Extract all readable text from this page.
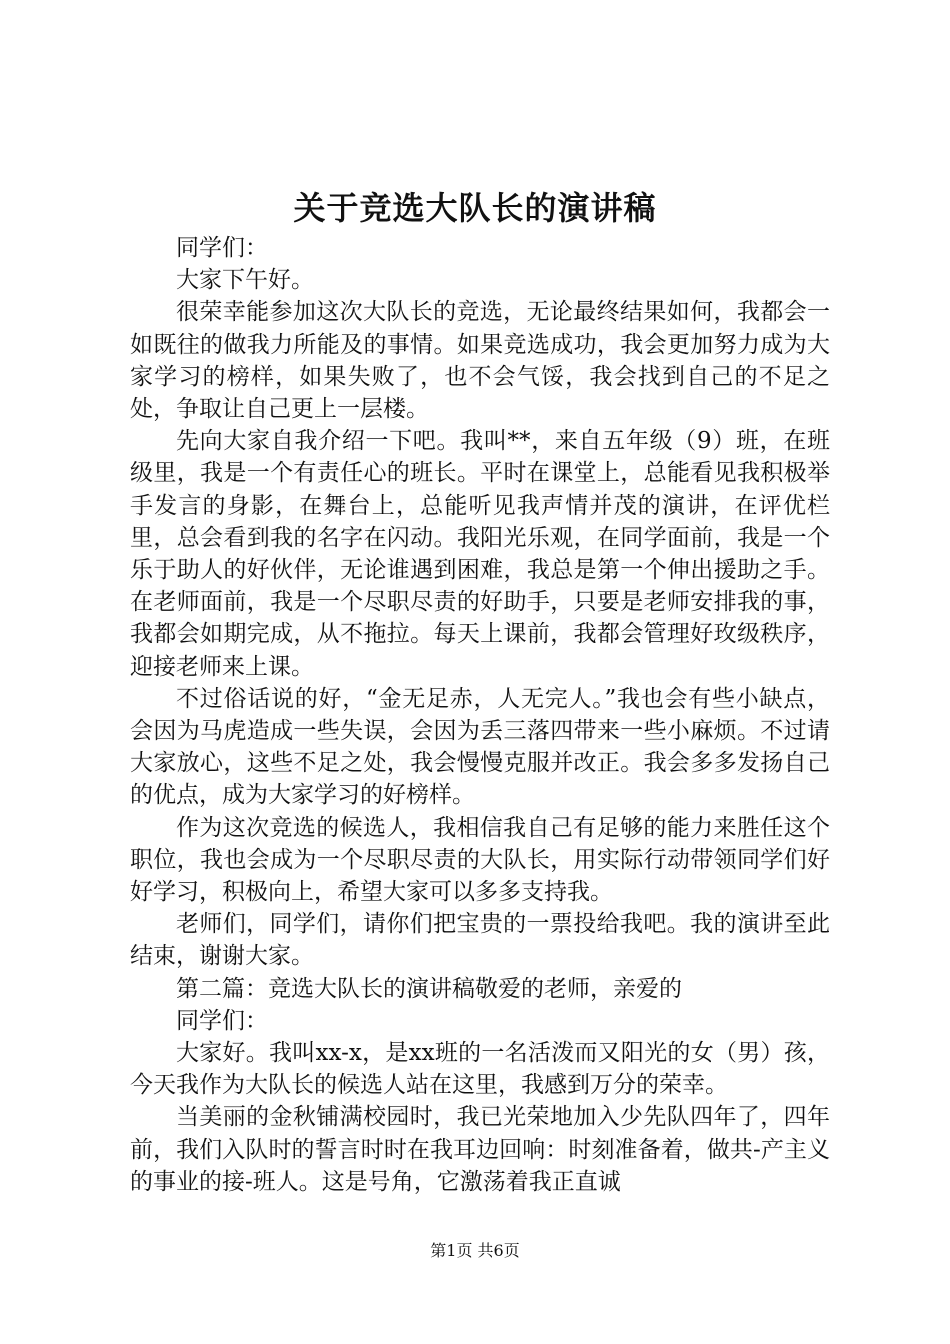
关于竞选大队长的演讲稿

同学们：

大家下午好。

很荣幸能参加这次大队长的竞选，无论最终结果如何，我都会一如既往的做我力所能及的事情。如果竞选成功，我会更加努力成为大家学习的榜样，如果失败了，也不会气馁，我会找到自己的不足之处，争取让自己更上一层楼。

先向大家自我介绍一下吧。我叫**，来自五年级（9）班，在班级里，我是一个有责任心的班长。平时在课堂上，总能看见我积极举手发言的身影，在舞台上，总能听见我声情并茂的演讲，在评优栏里，总会看到我的名字在闪动。我阳光乐观，在同学面前，我是一个乐于助人的好伙伴，无论谁遇到困难，我总是第一个伸出援助之手。在老师面前，我是一个尽职尽责的好助手，只要是老师安排我的事，我都会如期完成，从不拖拉。每天上课前，我都会管理好玫级秩序，迎接老师来上课。

不过俗话说的好，“金无足赤，人无完人。”我也会有些小缺点，会因为马虎造成一些失误，会因为丢三落四带来一些小麻烦。不过请大家放心，这些不足之处，我会慢慢克服并改正。我会多多发扬自己的优点，成为大家学习的好榜样。

作为这次竞选的候选人，我相信我自己有足够的能力来胜任这个职位，我也会成为一个尽职尽责的大队长，用实际行动带领同学们好好学习，积极向上，希望大家可以多多支持我。

老师们，同学们，请你们把宝贵的一票投给我吧。我的演讲至此结束，谢谢大家。

第二篇：竞选大队长的演讲稿敬爱的老师，亲爱的

同学们：

大家好。我叫xx-x，是xx班的一名活泼而又阳光的女（男）孩，今天我作为大队长的候选人站在这里，我感到万分的荣幸。

当美丽的金秋铺满校园时，我已光荣地加入少先队四年了，四年前，我们入队时的誓言时时在我耳边回响：时刻准备着，做共-产主义的事业的接-班人。这是号角，它激荡着我正直诚

第1页 共6页
